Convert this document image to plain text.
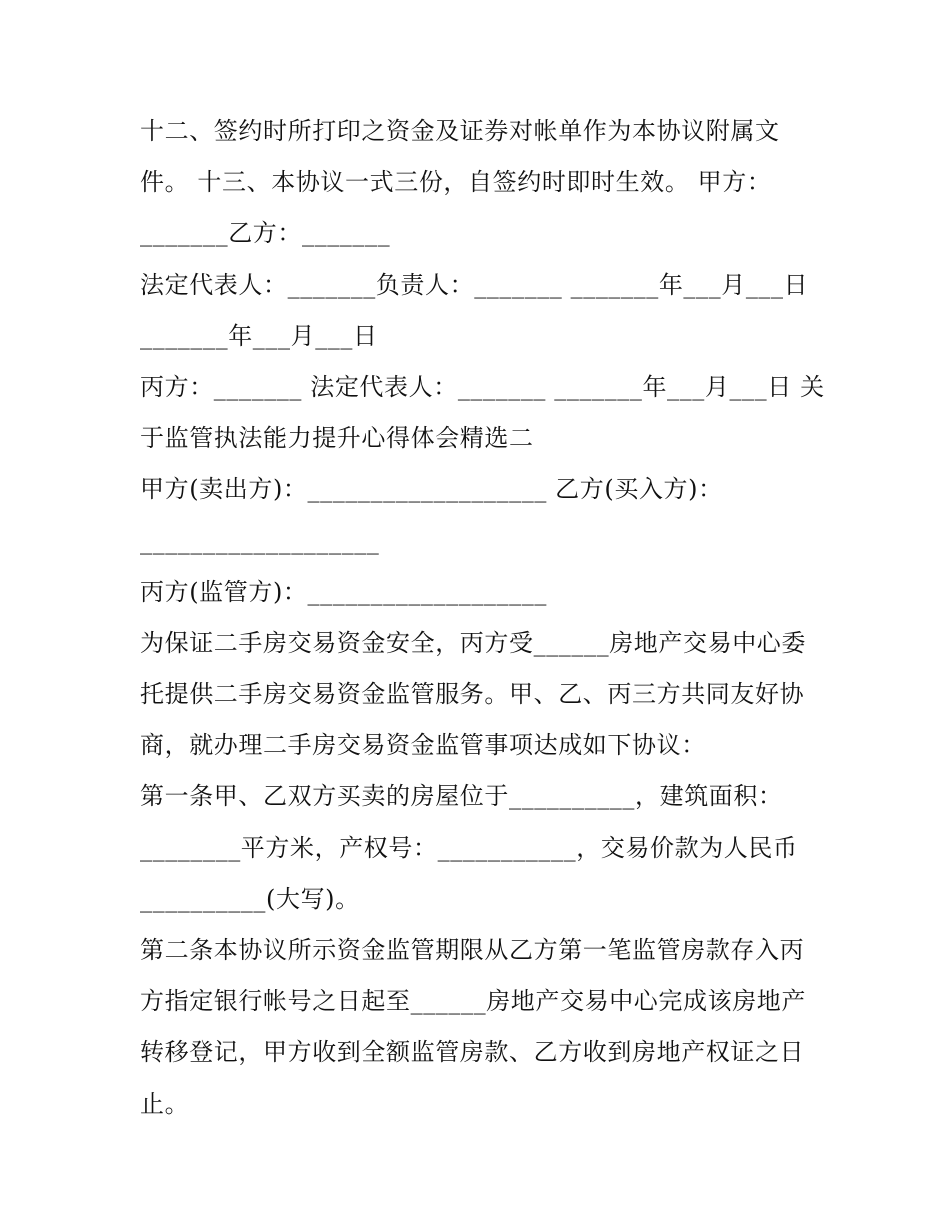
十二、签约时所打印之资金及证券对帐单作为本协议附属文
件。 十三、本协议一式三份，自签约时即时生效。 甲方：
_______乙方：_______
法定代表人：_______负责人：_______ _______年___月___日
_______年___月___日
丙方：_______ 法定代表人：_______ _______年___月___日 关
于监管执法能力提升心得体会精选二
甲方(卖出方)：___________________ 乙方(买入方)：
___________________
丙方(监管方)：___________________
为保证二手房交易资金安全，丙方受______房地产交易中心委
托提供二手房交易资金监管服务。甲、乙、丙三方共同友好协
商，就办理二手房交易资金监管事项达成如下协议：
第一条甲、乙双方买卖的房屋位于__________，建筑面积：
________平方米，产权号：___________，交易价款为人民币
__________(大写)。
第二条本协议所示资金监管期限从乙方第一笔监管房款存入丙
方指定银行帐号之日起至______房地产交易中心完成该房地产
转移登记，甲方收到全额监管房款、乙方收到房地产权证之日
止。
